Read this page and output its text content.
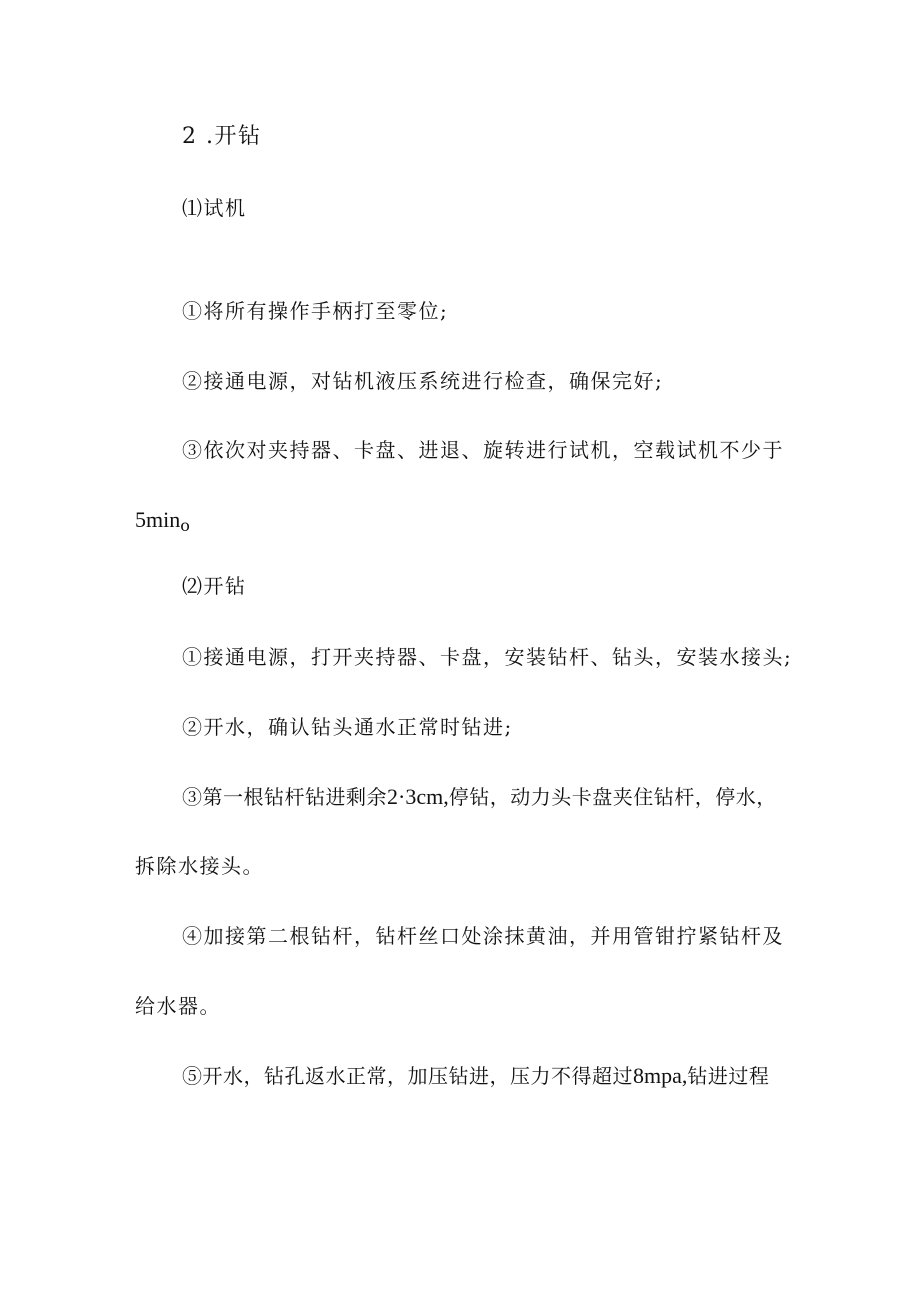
2 .开钻
⑴试机
①将所有操作手柄打至零位;
②接通电源，对钻机液压系统进行检查，确保完好;
③依次对夹持器、卡盘、进退、旋转进行试机，空载试机不少于
$5\min_o$
⑵开钻
①接通电源，打开夹持器、卡盘，安装钻杆、钻头，安装水接头;
②开水，确认钻头通水正常时钻进;
③第一根钻杆钻进剩余2·3cm,停钻，动力头卡盘夹住钻杆，停水，
拆除水接头。
④加接第二根钻杆，钻杆丝口处涂抹黄油，并用管钳拧紧钻杆及
给水器。
⑤开水，钻孔返水正常，加压钻进，压力不得超过8mpa,钻进过程
